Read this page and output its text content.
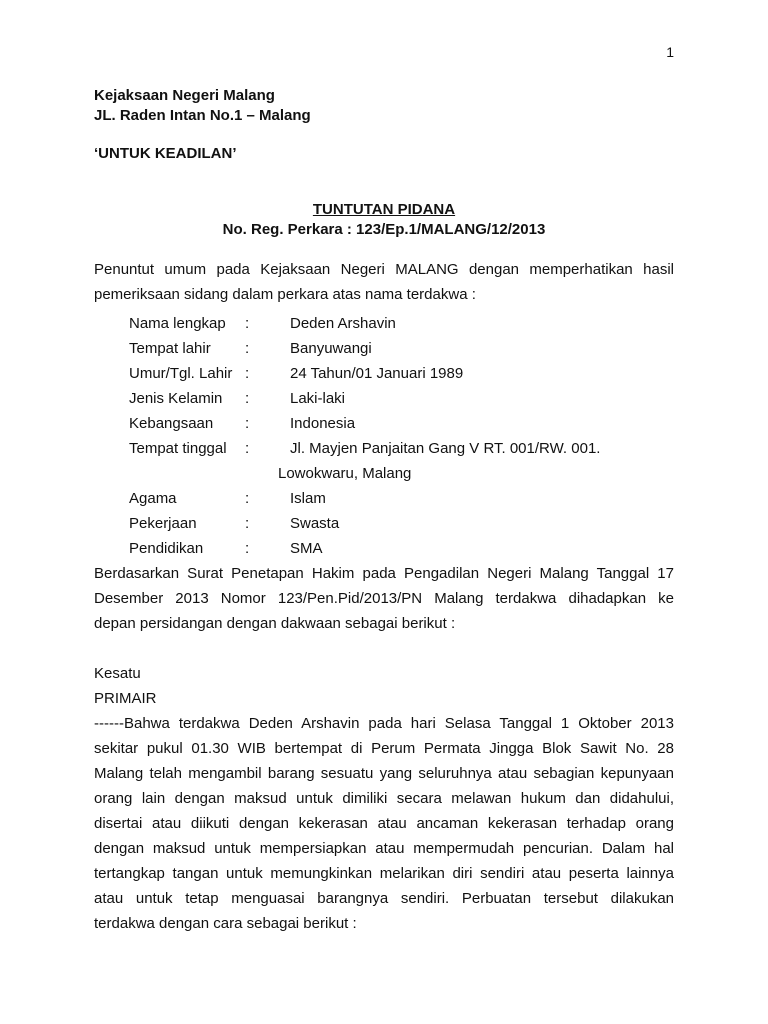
1
Kejaksaan Negeri Malang
JL. Raden Intan No.1 – Malang
‘UNTUK KEADILAN’
TUNTUTAN PIDANA
No. Reg. Perkara : 123/Ep.1/MALANG/12/2013
Penuntut umum pada Kejaksaan Negeri MALANG dengan memperhatikan hasil
pemeriksaan sidang dalam perkara atas nama terdakwa :
Nama lengkap	:	Deden Arshavin
Tempat lahir	:	Banyuwangi
Umur/Tgl. Lahir :	24 Tahun/01 Januari 1989
Jenis Kelamin	:	Laki-laki
Kebangsaan	:	Indonesia
Tempat tinggal	:	Jl. Mayjen Panjaitan Gang V RT. 001/RW. 001.
Lowokwaru, Malang
Agama	:	Islam
Pekerjaan	:	Swasta
Pendidikan	:	SMA
Berdasarkan Surat Penetapan Hakim pada Pengadilan Negeri Malang Tanggal 17
Desember 2013 Nomor 123/Pen.Pid/2013/PN Malang terdakwa dihadapkan ke
depan persidangan dengan dakwaan sebagai berikut :
Kesatu
PRIMAIR
------Bahwa terdakwa Deden Arshavin pada hari Selasa Tanggal 1 Oktober 2013
sekitar pukul 01.30 WIB bertempat di Perum Permata Jingga Blok Sawit No. 28
Malang telah mengambil barang sesuatu yang seluruhnya atau sebagian kepunyaan
orang lain dengan maksud untuk dimiliki secara melawan hukum dan didahului,
disertai atau diikuti dengan kekerasan atau ancaman kekerasan terhadap orang
dengan maksud untuk mempersiapkan atau mempermudah pencurian. Dalam hal
tertangkap tangan untuk memungkinkan melarikan diri sendiri atau peserta lainnya
atau untuk tetap menguasai barangnya sendiri. Perbuatan tersebut dilakukan
terdakwa dengan cara sebagai berikut :
